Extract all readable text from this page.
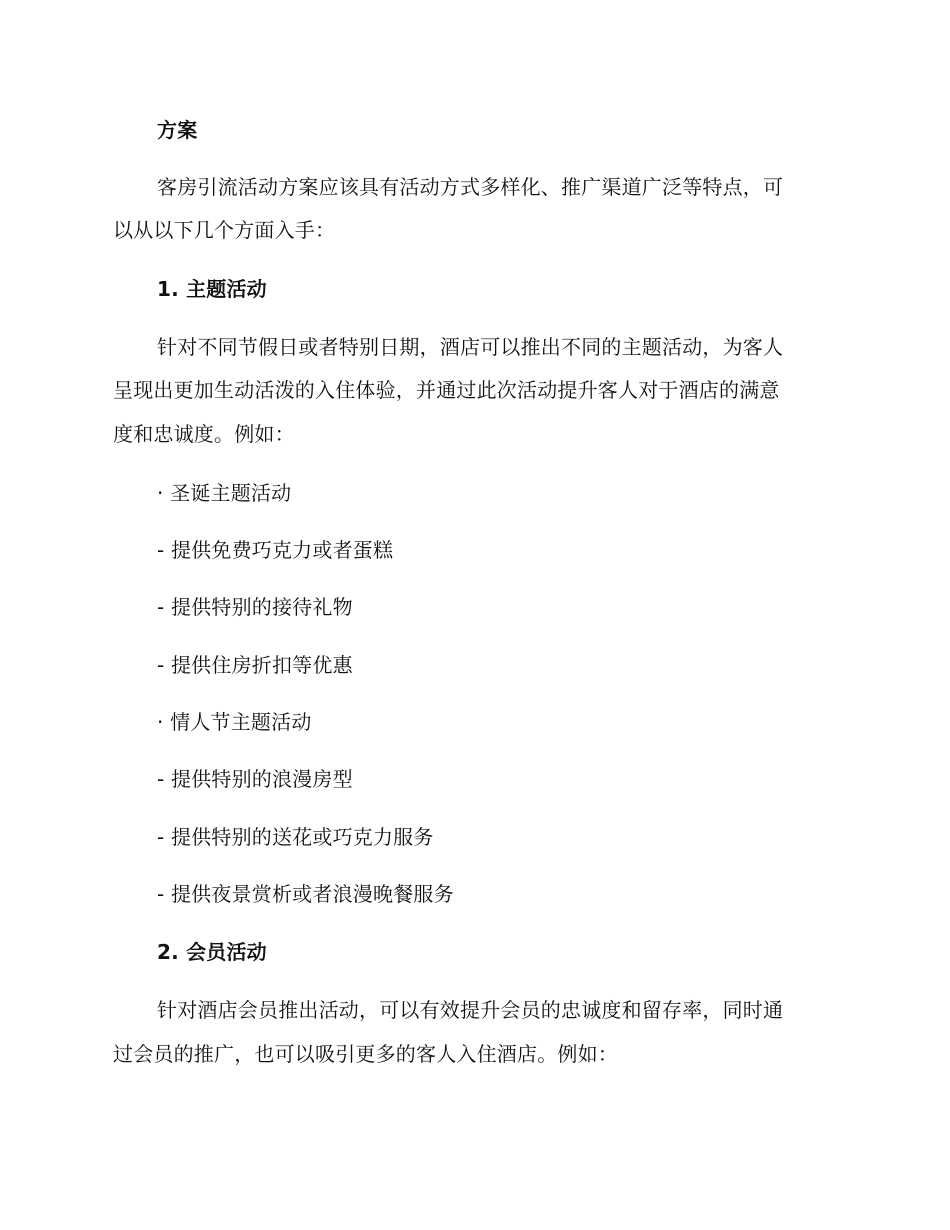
方案
客房引流活动方案应该具有活动方式多样化、推广渠道广泛等特点，可
以从以下几个方面入手：
1. 主题活动
针对不同节假日或者特别日期，酒店可以推出不同的主题活动，为客人
呈现出更加生动活泼的入住体验，并通过此次活动提升客人对于酒店的满意
度和忠诚度。例如：
· 圣诞主题活动
- 提供免费巧克力或者蛋糕
- 提供特别的接待礼物
- 提供住房折扣等优惠
· 情人节主题活动
- 提供特别的浪漫房型
- 提供特别的送花或巧克力服务
- 提供夜景赏析或者浪漫晚餐服务
2. 会员活动
针对酒店会员推出活动，可以有效提升会员的忠诚度和留存率，同时通
过会员的推广，也可以吸引更多的客人入住酒店。例如：
